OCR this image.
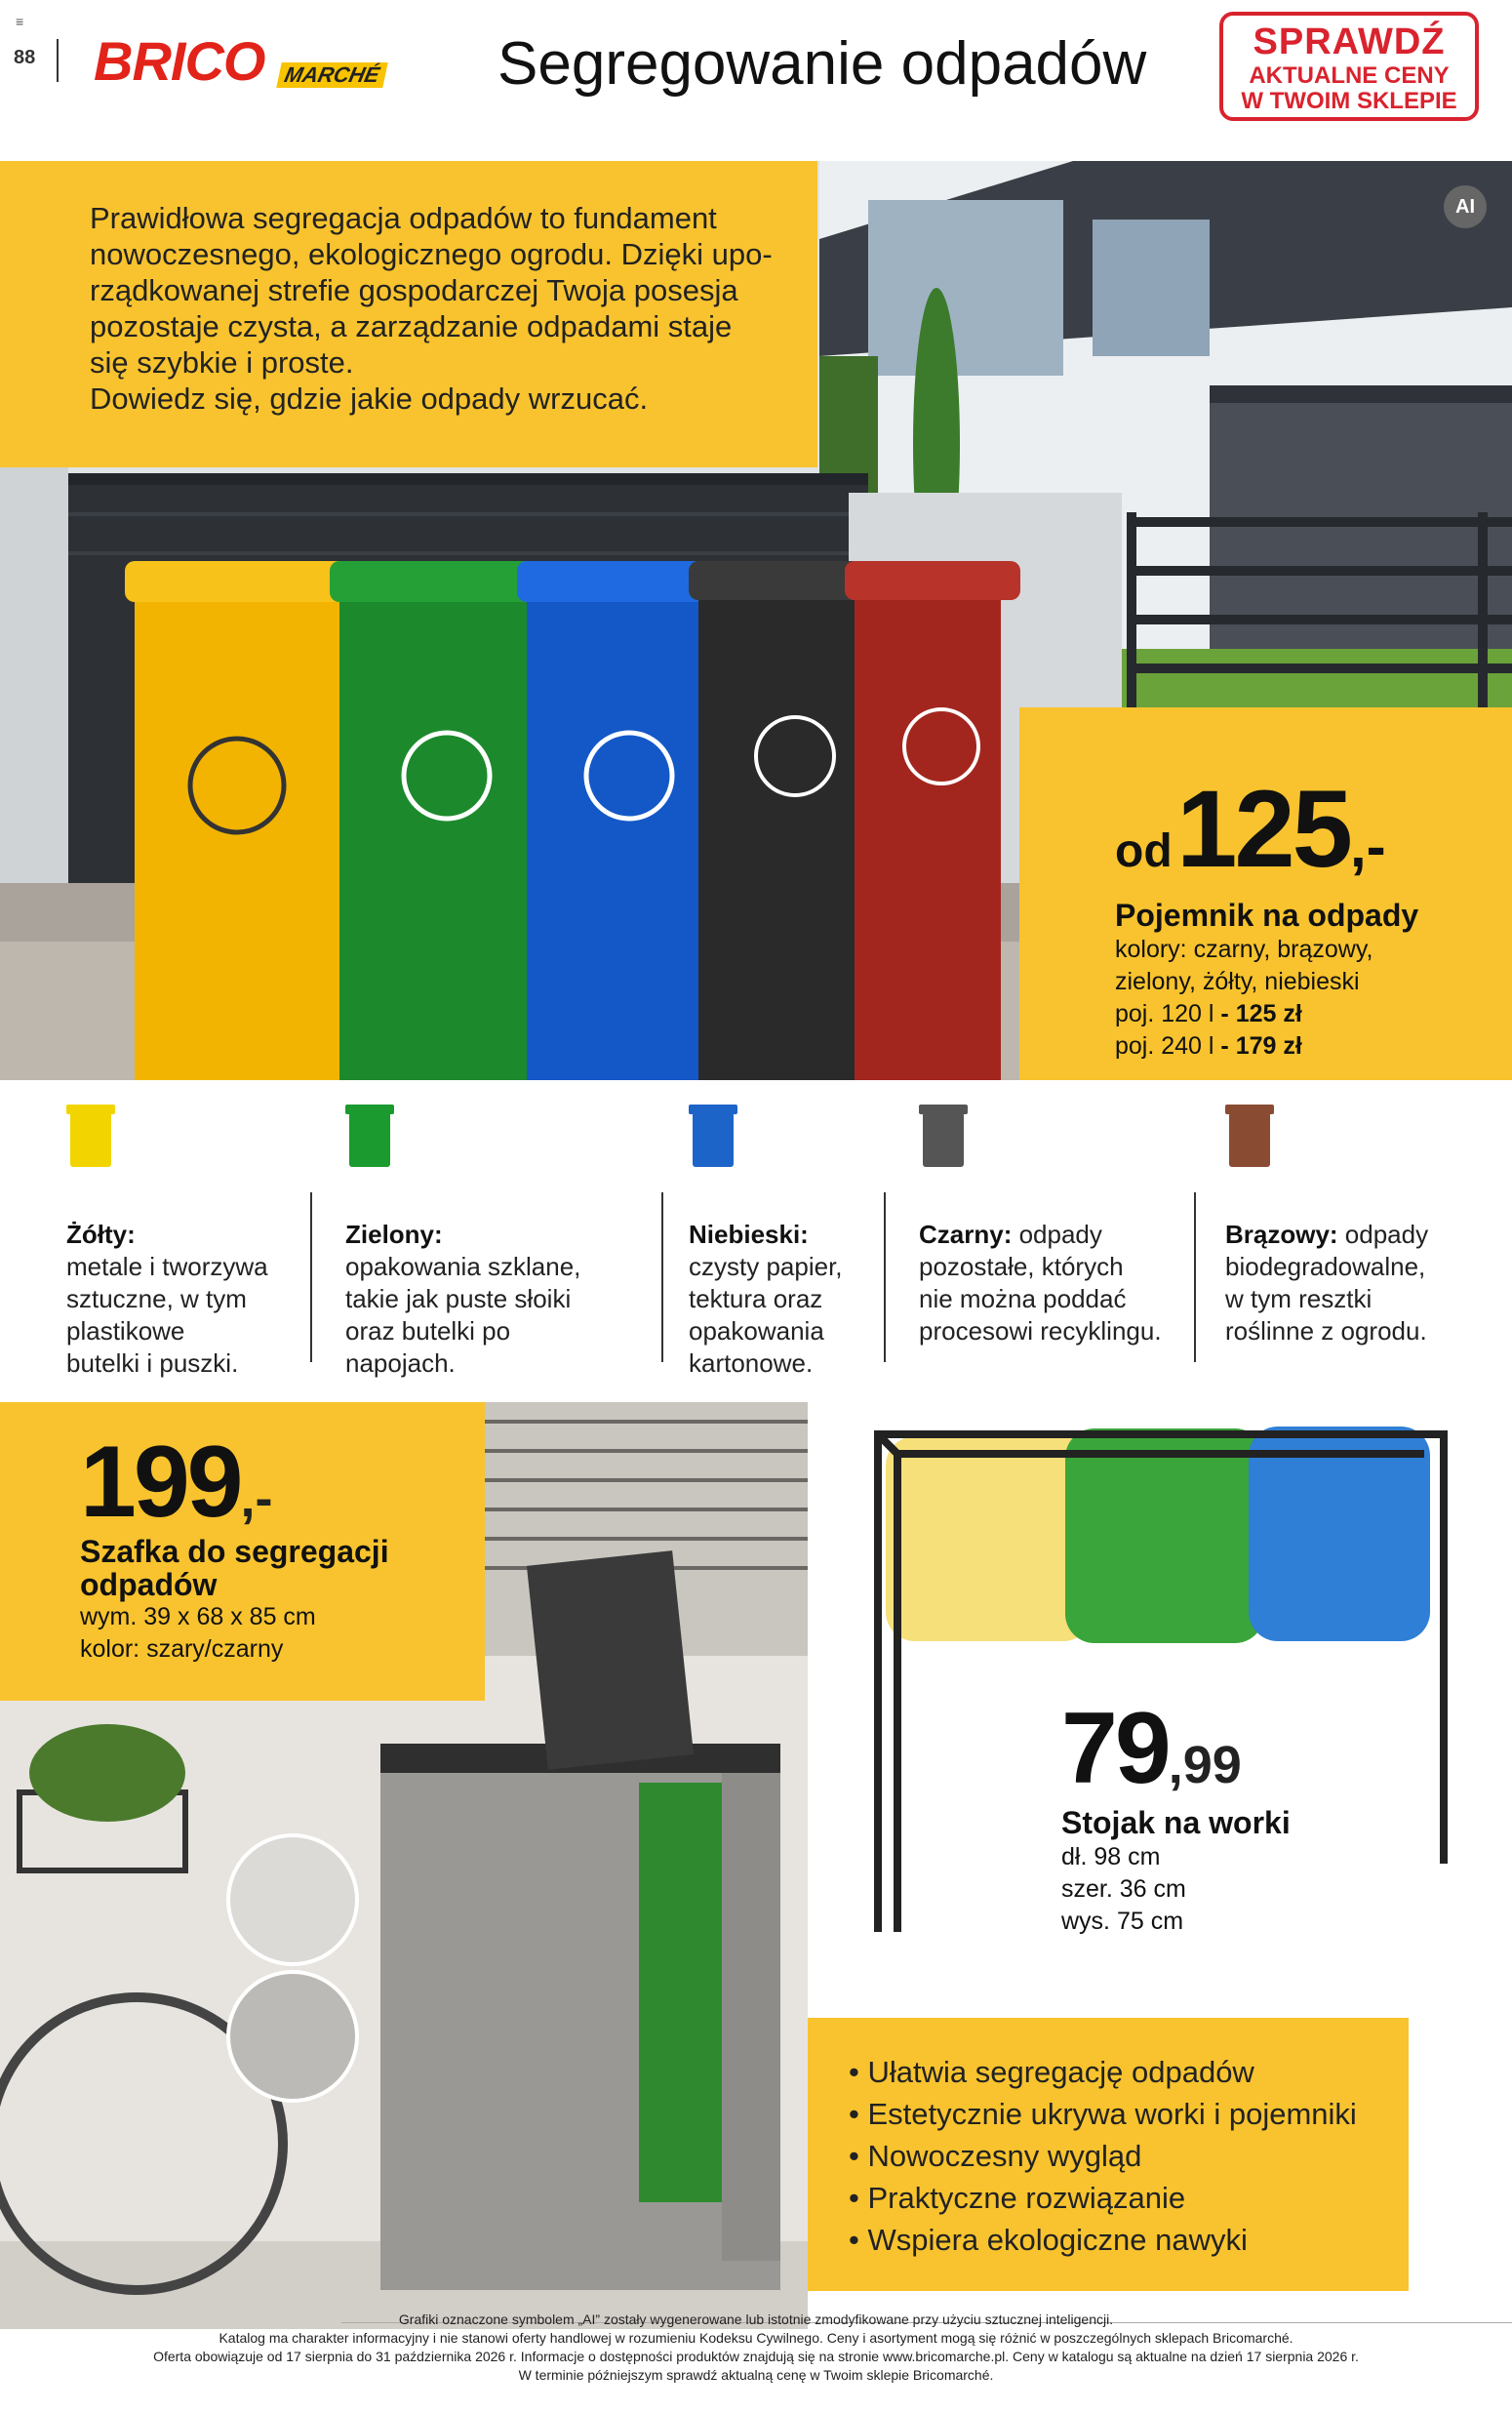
≡
88 BRICO MARCHÉ Segregowanie odpadów	SPRAWDŹ
AKTUALNE CENY
W TWOIM SKLEPIE

Prawidłowa segregacja odpadów to fundament

nowoczesnego, ekologicznego ogrodu. Dzięki upo-

rządkowanej strefie gospodarczej Twoja posesja

pozostaje czysta, a zarządzanie odpadami staje

się szybkie i proste.

Dowiedz się, gdzie jakie odpady wrzucać.

AI
od 125,-
Pojemnik na odpady
kolory: czarny, brązowy,
zielony, żółty, niebieski
poj. 120 l - 125 zł
poj. 240 l - 179 zł
Żółty:
metale i tworzywa
sztuczne, w tym
plastikowe
butelki i puszki.
Zielony:
opakowania szklane,
takie jak puste słoiki
oraz butelki po napojach.
Niebieski:
czysty papier,
tektura oraz
opakowania
kartonowe.
Czarny: odpady
pozostałe, których
nie można poddać
procesowi recyklingu.
Brązowy: odpady
biodegradowalne,
w tym resztki
roślinne z ogrodu.
199,-
Szafka do segregacji
odpadów
wym. 39 x 68 x 85 cm
kolor: szary/czarny
79,99
Stojak na worki
dł. 98 cm
szer. 36 cm
wys. 75 cm
• Ułatwia segregację odpadów
• Estetycznie ukrywa worki i pojemniki
• Nowoczesny wygląd
• Praktyczne rozwiązanie
• Wspiera ekologiczne nawyki
Grafiki oznaczone symbolem „AI” zostały wygenerowane lub istotnie zmodyfikowane przy użyciu sztucznej inteligencji.
Katalog ma charakter informacyjny i nie stanowi oferty handlowej w rozumieniu Kodeksu Cywilnego. Ceny i asortyment mogą się różnić w poszczególnych sklepach Bricomarché.
Oferta obowiązuje od 17 sierpnia do 31 października 2026 r. Informacje o dostępności produktów znajdują się na stronie www.bricomarche.pl. Ceny w katalogu są aktualne na dzień 17 sierpnia 2026 r.
W terminie późniejszym sprawdź aktualną cenę w Twoim sklepie Bricomarché.
